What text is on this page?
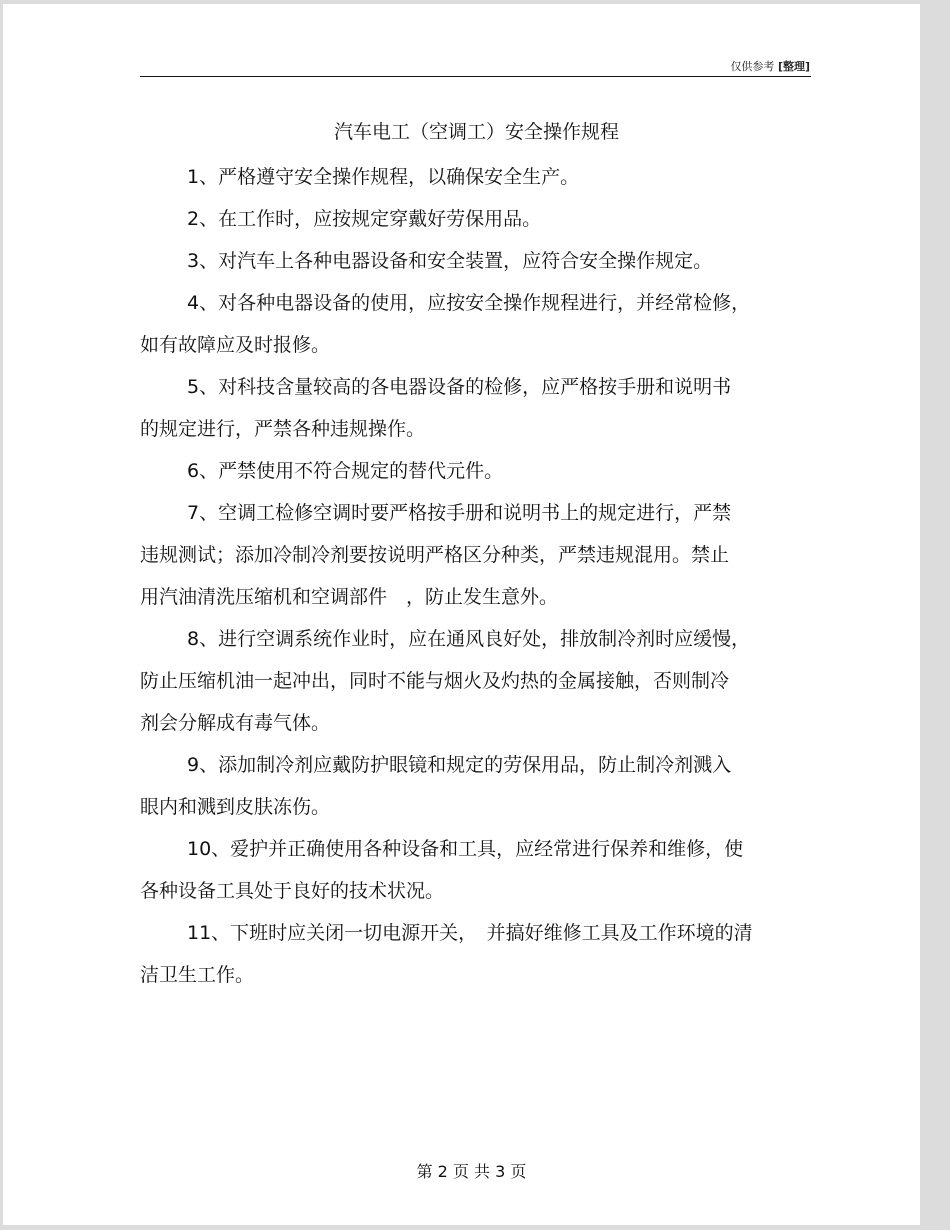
仅供参考 [整理]
汽车电工（空调工）安全操作规程

1、严格遵守安全操作规程，以确保安全生产。

2、在工作时，应按规定穿戴好劳保用品。

3、对汽车上各种电器设备和安全装置，应符合安全操作规定。

4、对各种电器设备的使用，应按安全操作规程进行，并经常检修，
如有故障应及时报修。

5、对科技含量较高的各电器设备的检修，应严格按手册和说明书
的规定进行，严禁各种违规操作。

6、严禁使用不符合规定的替代元件。

7、空调工检修空调时要严格按手册和说明书上的规定进行，严禁
违规测试；添加冷制冷剂要按说明严格区分种类，严禁违规混用。禁止
用汽油清洗压缩机和空调部件　，防止发生意外。

8、进行空调系统作业时，应在通风良好处，排放制冷剂时应缓慢，
防止压缩机油一起冲出，同时不能与烟火及灼热的金属接触，否则制冷
剂会分解成有毒气体。

9、添加制冷剂应戴防护眼镜和规定的劳保用品，防止制冷剂溅入
眼内和溅到皮肤冻伤。

10、爱护并正确使用各种设备和工具，应经常进行保养和维修，使
各种设备工具处于良好的技术状况。

11、下班时应关闭一切电源开关，　并搞好维修工具及工作环境的清
洁卫生工作。

第 2 页 共 3 页
